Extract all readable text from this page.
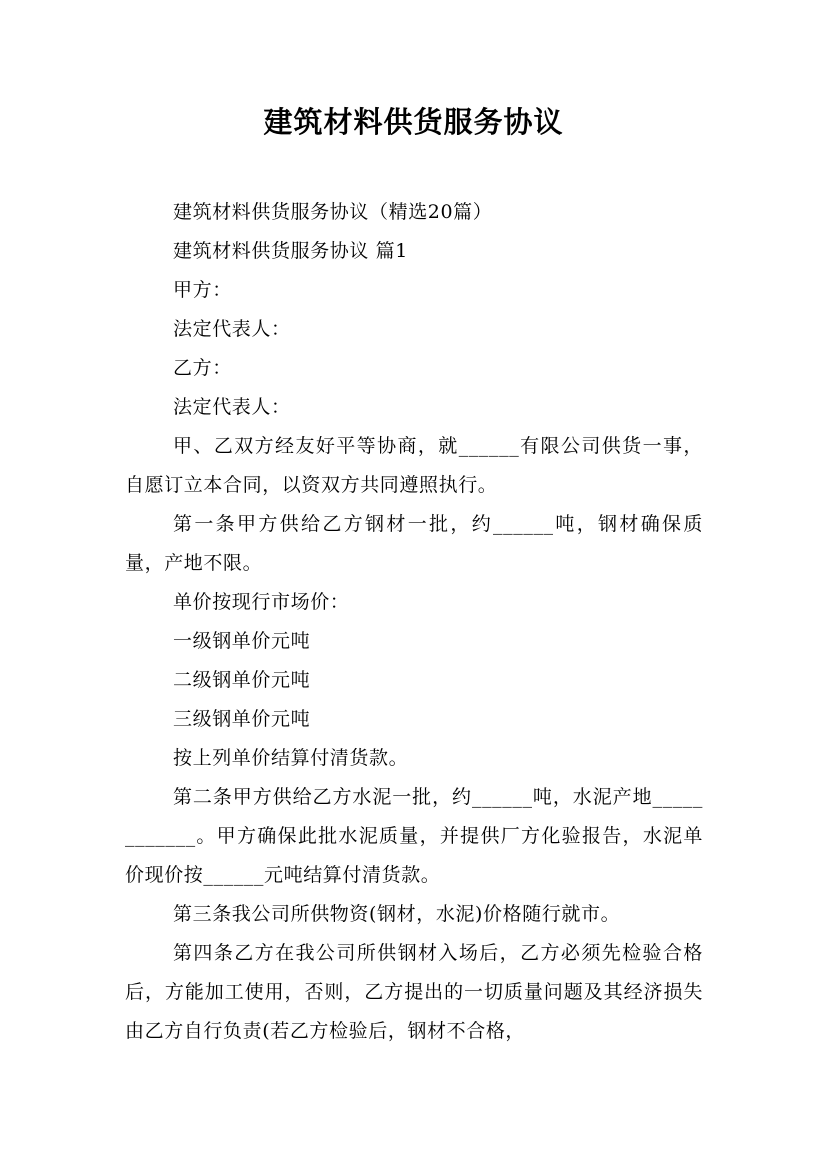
建筑材料供货服务协议

建筑材料供货服务协议（精选20篇）

建筑材料供货服务协议 篇1

甲方：

法定代表人：

乙方：

法定代表人：

甲、乙双方经友好平等协商，就______有限公司供货一事，自愿订立本合同，以资双方共同遵照执行。

第一条甲方供给乙方钢材一批，约______吨，钢材确保质量，产地不限。

单价按现行市场价：

一级钢单价元吨

二级钢单价元吨

三级钢单价元吨

按上列单价结算付清货款。

第二条甲方供给乙方水泥一批，约______吨，水泥产地____________。甲方确保此批水泥质量，并提供厂方化验报告，水泥单价现价按______元吨结算付清货款。

第三条我公司所供物资(钢材，水泥)价格随行就市。

第四条乙方在我公司所供钢材入场后，乙方必须先检验合格后，方能加工使用，否则，乙方提出的一切质量问题及其经济损失由乙方自行负责(若乙方检验后，钢材不合格，
